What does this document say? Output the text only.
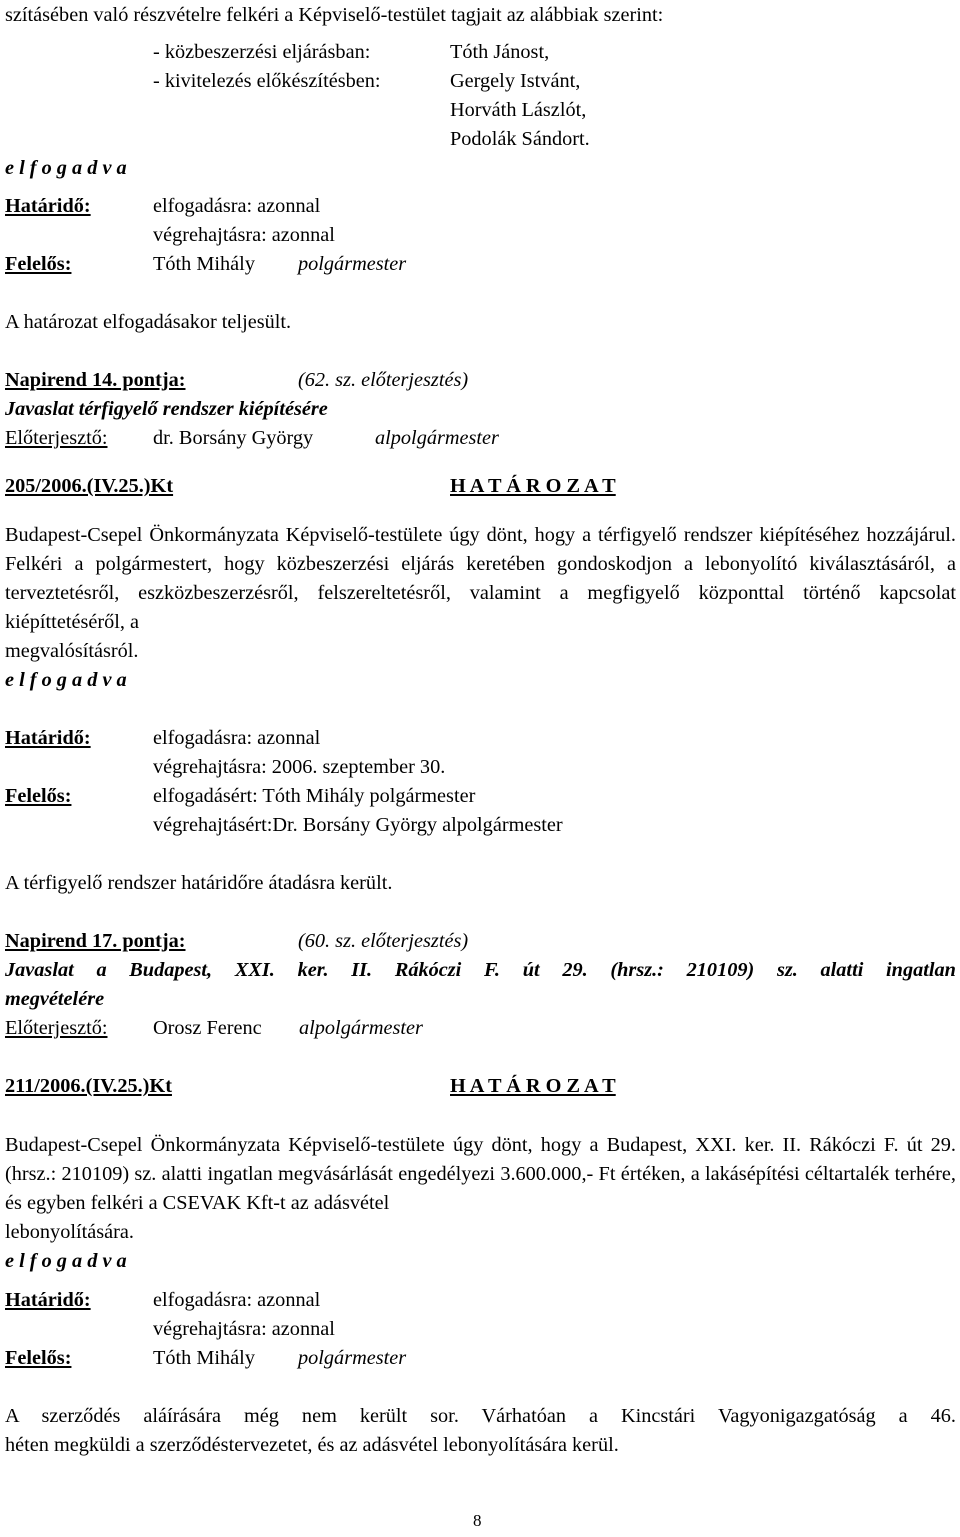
szításében való részvételre felkéri a Képviselő-testület tagjait az alábbiak szerint:
- közbeszerzési eljárásban:	Tóth Jánost,
- kivitelezés előkészítésben:	Gergely Istvánt,
Horváth Lászlót,
Podolák Sándort.
e l f o g a d v a
Határidő:	elfogadásra: azonnal
végrehajtásra: azonnal
Felelős:	Tóth Mihály polgármester
A határozat elfogadásakor teljesült.
Napirend 14. pontja:	(62. sz. előterjesztés)
Javaslat térfigyelő rendszer kiépítésére
Előterjesztő: dr. Borsány György	alpolgármester
205/2006.(IV.25.)Kt	H A T Á R O Z A T
Budapest-Csepel Önkormányzata Képviselő-testülete úgy dönt, hogy a térfigyelő rendszer kiépítéséhez hozzájárul. Felkéri a polgármestert, hogy közbeszerzési eljárás keretében gondoskodjon a lebonyolító kiválasztásáról, a terveztetésről, eszközbeszerzésről, felszereltetésről, valamint a megfigyelő központtal történő kapcsolat kiépíttetéséről, a
megvalósításról.
e l f o g a d v a
Határidő:	elfogadásra: azonnal
végrehajtásra: 2006. szeptember 30.
Felelős:	elfogadásért: Tóth Mihály polgármester
végrehajtásért:Dr. Borsány György alpolgármester
A térfigyelő rendszer határidőre átadásra került.
Napirend 17. pontja:	(60. sz. előterjesztés)
Javaslat a Budapest, XXI. ker. II. Rákóczi F. út 29. (hrsz.: 210109) sz. alatti ingatlan
megvételére
Előterjesztő: Orosz Ferenc alpolgármester
211/2006.(IV.25.)Kt	H A T Á R O Z A T
Budapest-Csepel Önkormányzata Képviselő-testülete úgy dönt, hogy a Budapest, XXI. ker. II. Rákóczi F. út 29. (hrsz.: 210109) sz. alatti ingatlan megvásárlását engedélyezi 3.600.000,- Ft értéken, a lakásépítési céltartalék terhére, és egyben felkéri a CSEVAK Kft-t az adásvétel
lebonyolítására.
e l f o g a d v a
Határidő:	elfogadásra: azonnal
végrehajtásra: azonnal
Felelős:	Tóth Mihály polgármester
A szerződés aláírására még nem került sor. Várhatóan a Kincstári Vagyonigazgatóság a 46.
héten megküldi a szerződéstervezetet, és az adásvétel lebonyolítására kerül.
8
